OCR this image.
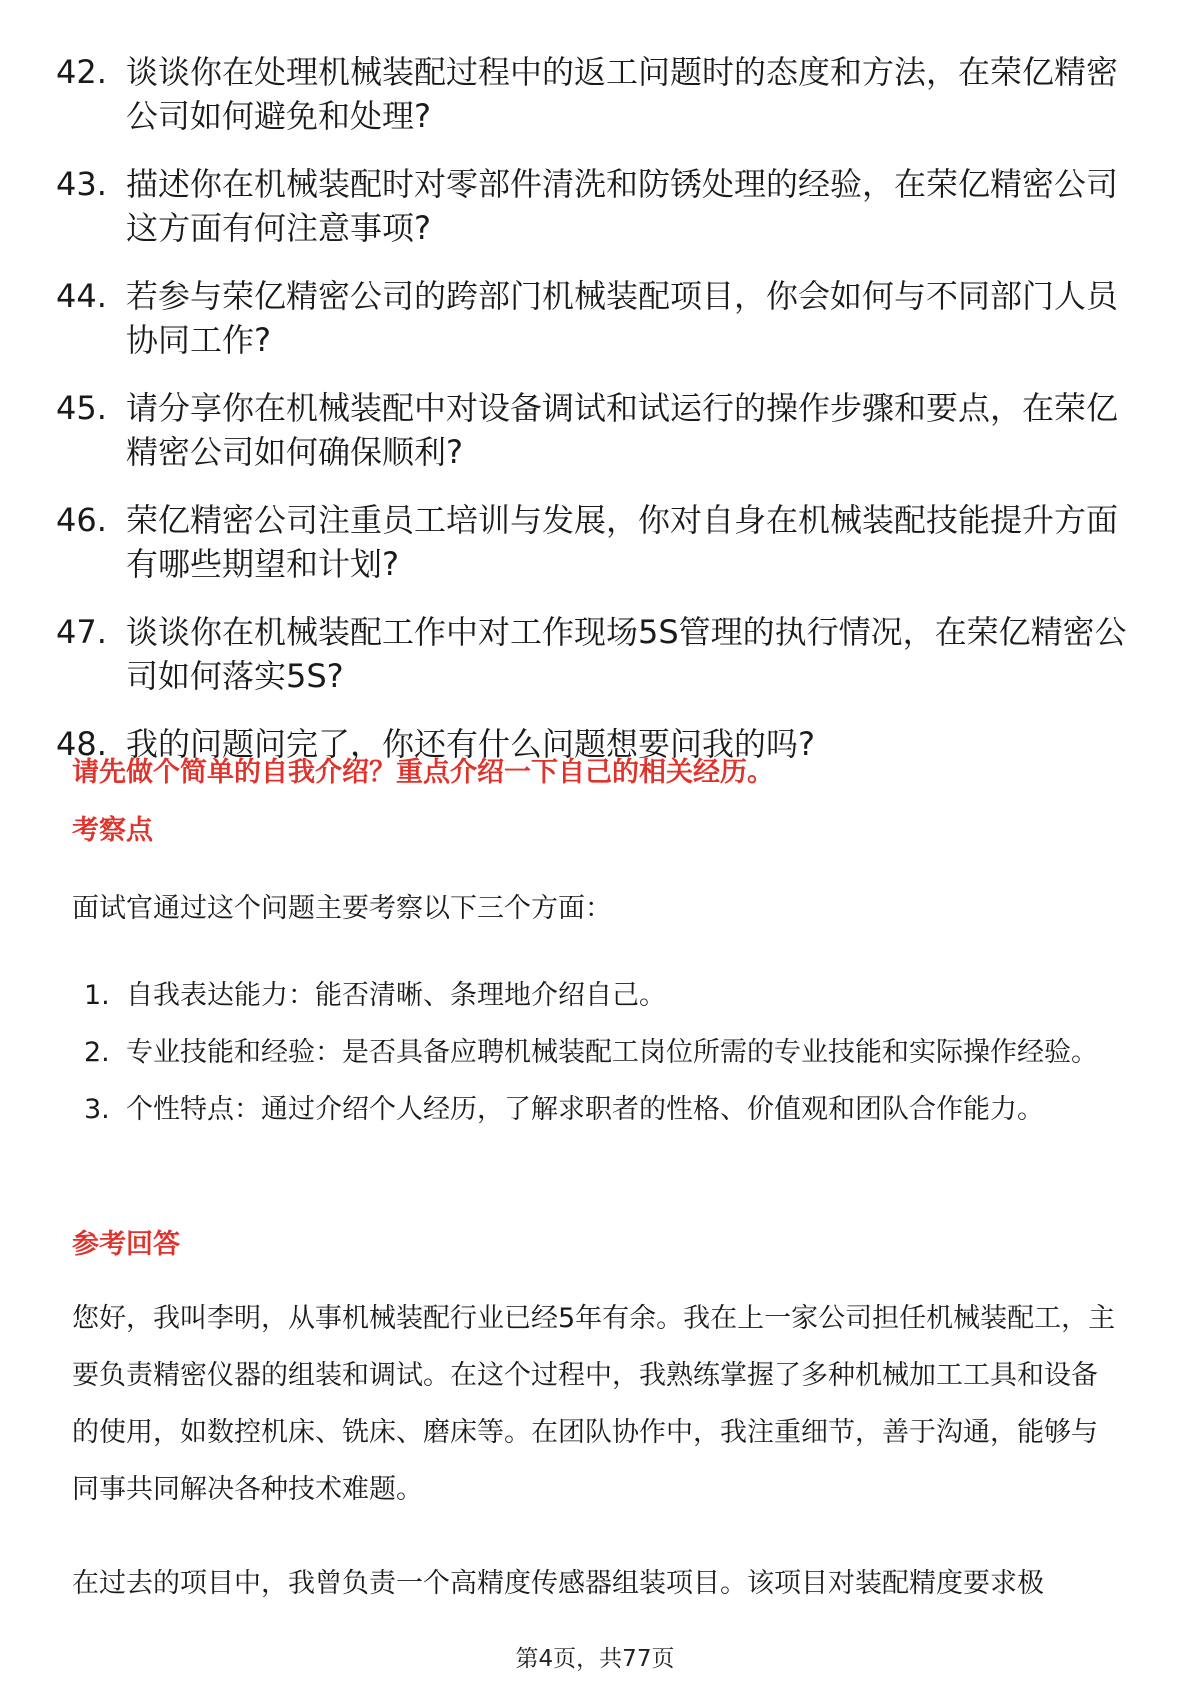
42. 谈谈你在处理机械装配过程中的返工问题时的态度和方法，在荣亿精密公司如何避免和处理?
43. 描述你在机械装配时对零部件清洗和防锈处理的经验，在荣亿精密公司这方面有何注意事项?
44. 若参与荣亿精密公司的跨部门机械装配项目，你会如何与不同部门人员协同工作?
45. 请分享你在机械装配中对设备调试和试运行的操作步骤和要点，在荣亿精密公司如何确保顺利?
46. 荣亿精密公司注重员工培训与发展，你对自身在机械装配技能提升方面有哪些期望和计划?
47. 谈谈你在机械装配工作中对工作现场5S管理的执行情况，在荣亿精密公司如何落实5S?
48. 我的问题问完了，你还有什么问题想要问我的吗?
请先做个简单的自我介绍？重点介绍一下自己的相关经历。
考察点
面试官通过这个问题主要考察以下三个方面：
1. 自我表达能力：能否清晰、条理地介绍自己。
2. 专业技能和经验：是否具备应聘机械装配工岗位所需的专业技能和实际操作经验。
3. 个性特点：通过介绍个人经历，了解求职者的性格、价值观和团队合作能力。
参考回答
您好，我叫李明，从事机械装配行业已经5年有余。我在上一家公司担任机械装配工，主要负责精密仪器的组装和调试。在这个过程中，我熟练掌握了多种机械加工工具和设备的使用，如数控机床、铣床、磨床等。在团队协作中，我注重细节，善于沟通，能够与同事共同解决各种技术难题。
在过去的项目中，我曾负责一个高精度传感器组装项目。该项目对装配精度要求极
第4页，共77页
